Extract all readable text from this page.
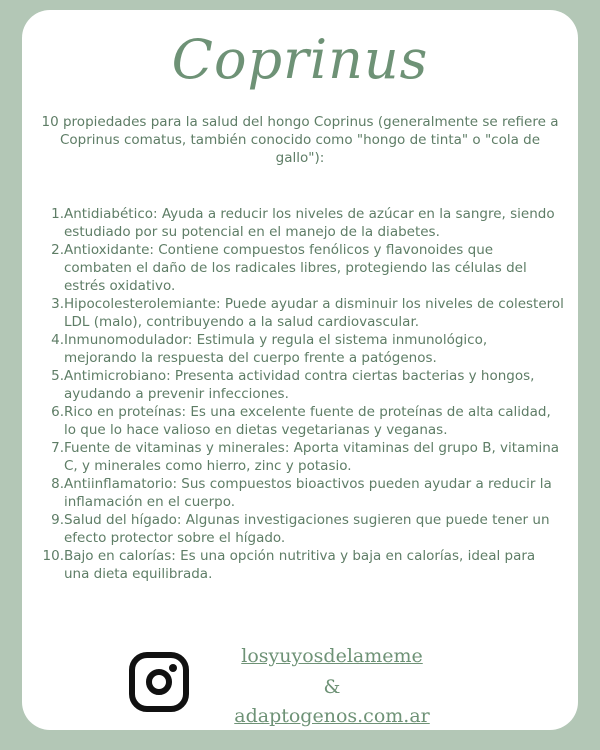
Coprinus
10 propiedades para la salud del hongo Coprinus (generalmente se refiere a Coprinus comatus, también conocido como "hongo de tinta" o "cola de gallo"):
1. Antidiabético: Ayuda a reducir los niveles de azúcar en la sangre, siendo estudiado por su potencial en el manejo de la diabetes.
2. Antioxidante: Contiene compuestos fenólicos y flavonoides que combaten el daño de los radicales libres, protegiendo las células del estrés oxidativo.
3. Hipocolesterolemiante: Puede ayudar a disminuir los niveles de colesterol LDL (malo), contribuyendo a la salud cardiovascular.
4. Inmunomodulador: Estimula y regula el sistema inmunológico, mejorando la respuesta del cuerpo frente a patógenos.
5. Antimicrobiano: Presenta actividad contra ciertas bacterias y hongos, ayudando a prevenir infecciones.
6. Rico en proteínas: Es una excelente fuente de proteínas de alta calidad, lo que lo hace valioso en dietas vegetarianas y veganas.
7. Fuente de vitaminas y minerales: Aporta vitaminas del grupo B, vitamina C, y minerales como hierro, zinc y potasio.
8. Antiinflamatorio: Sus compuestos bioactivos pueden ayudar a reducir la inflamación en el cuerpo.
9. Salud del hígado: Algunas investigaciones sugieren que puede tener un efecto protector sobre el hígado.
10. Bajo en calorías: Es una opción nutritiva y baja en calorías, ideal para una dieta equilibrada.
losyuyosdelameme
&
adaptogenos.com.ar
